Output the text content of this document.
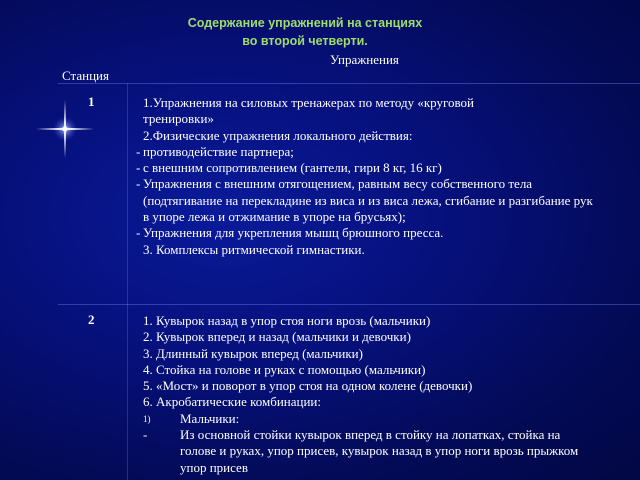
Содержание упражнений на станциях
во второй четверти.
Упражнения
Станция
1	1.Упражнения на силовых тренажерах по методу «круговой
тренировки»
2.Физические упражнения локального действия:
- противодействие партнера;
- с внешним сопротивлением (гантели, гири 8 кг, 16 кг)
- Упражнения с внешним отягощением, равным весу собственного тела (подтягивание на перекладине из виса и из виса лежа, сгибание и разгибание рук в упоре лежа и отжимание в упоре на брусьях);
- Упражнения для укрепления мышц брюшного пресса.
3. Комплексы ритмической гимнастики.
2	1. Кувырок назад в упор стоя ноги врозь (мальчики)
2. Кувырок вперед и назад (мальчики и девочки)
3. Длинный кувырок вперед (мальчики)
4. Стойка на голове и руках с помощью (мальчики)
5. «Мост» и поворот в упор стоя на одном колене (девочки)
6. Акробатические комбинации:
1) Мальчики:
-	Из основной стойки кувырок вперед в стойку на лопатках, стойка на голове и руках, упор присев, кувырок назад в упор ноги врозь прыжком упор присев
